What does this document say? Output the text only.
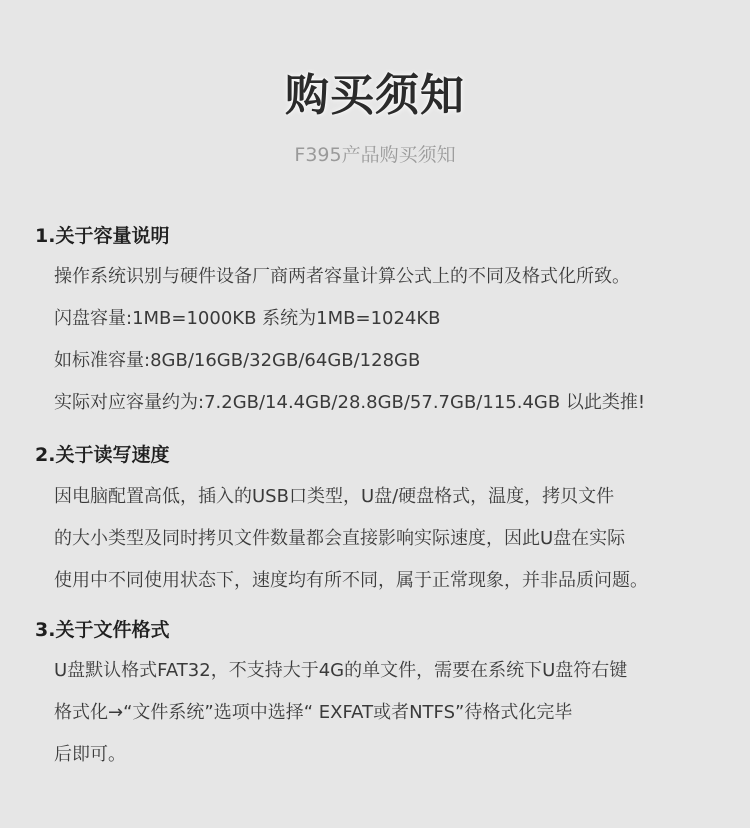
购买须知
F395产品购买须知
1.关于容量说明
操作系统识别与硬件设备厂商两者容量计算公式上的不同及格式化所致。
闪盘容量:1MB=1000KB 系统为1MB=1024KB
如标准容量:8GB/16GB/32GB/64GB/128GB
实际对应容量约为:7.2GB/14.4GB/28.8GB/57.7GB/115.4GB 以此类推!
2.关于读写速度
因电脑配置高低，插入的USB口类型，U盘/硬盘格式，温度，拷贝文件
的大小类型及同时拷贝文件数量都会直接影响实际速度，因此U盘在实际
使用中不同使用状态下，速度均有所不同，属于正常现象，并非品质问题。
3.关于文件格式
U盘默认格式FAT32，不支持大于4G的单文件，需要在系统下U盘符右键
格式化→“文件系统”选项中选择“ EXFAT或者NTFS”待格式化完毕
后即可。
